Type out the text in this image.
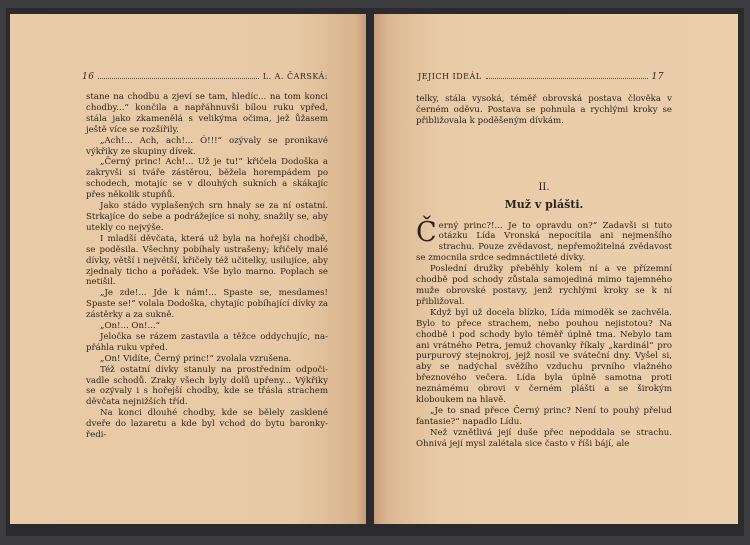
16	L. A. ČARSKÁ:

stane na chodbu a zjeví se tam, hledíc... na tom konci chodby...“ končila a napřáhnuvši bílou ruku vpřed, stála jako zkamenělá s velikýma očima, jež ůžasem ještě více se rozšířily.

„Ach!... Ach, ach!... Ó!!!“ ozývaly se pronikavé výkřiky ze skupiny dívek.

„Černý princ! Ach!... Už je tu!“ křičela Dodoška a zakryvši si tváře zástěrou, běžela horempádem po schodech, motajíc se v dlouhých sukních a skákajíc přes několik stupňů.

Jako stádo vyplašených srn hnaly se za ní ostatní. Strkajíce do sebe a podrážejíce si nohy, snažily se, aby utekly co nejvýše.

I mladší děvčata, která už byla na hořejší chodbě, se poděsila. Všechny pobíhaly ustrašeny; křičely malé dívky, větší i největší, křičely též učitelky, usilujíce, aby zjednaly ticho a pořádek. Vše bylo marno. Poplach se netišil.

„Je zde!... Jde k nám!... Spaste se, mesdames! Spaste se!“ volala Dodoška, chytajíc pobíhající dívky za zástěrky a za sukně.

„On!... On!...“

Jeločka se rázem zastavila a těžce oddychujíc, napřáhla ruku vpřed.

„On! Vidíte, Černý princ!“ zvolala vzrušena.

Též ostatní dívky stanuly na prostředním odpočivadle schodů. Zraky všech byly dolů upřeny... Výkřiky se ozývaly i s hořejší chodby, kde se třásla strachem děvčata nejnižších tříd.

Na konci dlouhé chodby, kde se bělely zasklené dveře do lazaretu a kde byl vchod do bytu baronky-ředi-

JEJICH IDEÁL	17

telky, stála vysoká, téměř obrovská postava člověka v černém oděvu. Postava se pohnula a rychlými kroky se přibližovala k poděšeným dívkám.

II.
Muž v plášti.

Černý princ?!... Je to opravdu on?“ Zadavši si tuto otázku Lída Vronská nepocítila ani nejmenšího strachu. Pouze zvědavost, nepřemožitelná zvědavost se zmocnila srdce sedmnáctileté dívky.

Poslední družky přeběhly kolem ní a ve přízemní chodbě pod schody zůstala samojediná mimo tajemného muže obrovské postavy, jenž rychlými kroky se k ní přibližoval.

Když byl už docela blízko, Lída mimoděk se zachvěla. Bylo to přece strachem, nebo pouhou nejistotou? Na chodbě i pod schody bylo téměř úplně tma. Nebylo tam ani vrátného Petra, jemuž chovanky říkaly „kardinál“ pro purpurový stejnokroj, jejž nosil ve sváteční dny. Vyšel si, aby se nadýchal svěžího vzduchu prvního vlažného březnového večera. Lída byla úplně samotna proti neznámému obrovi v černém plášti a se širokým kloboukem na hlavě.

„Je to snad přece Černý princ? Není to pouhý přelud fantasie?“ napadlo Lídu.

Než vznětlivá její duše přec nepoddala se strachu. Ohnivá její mysl zalétala sice často v říši bájí, ale
